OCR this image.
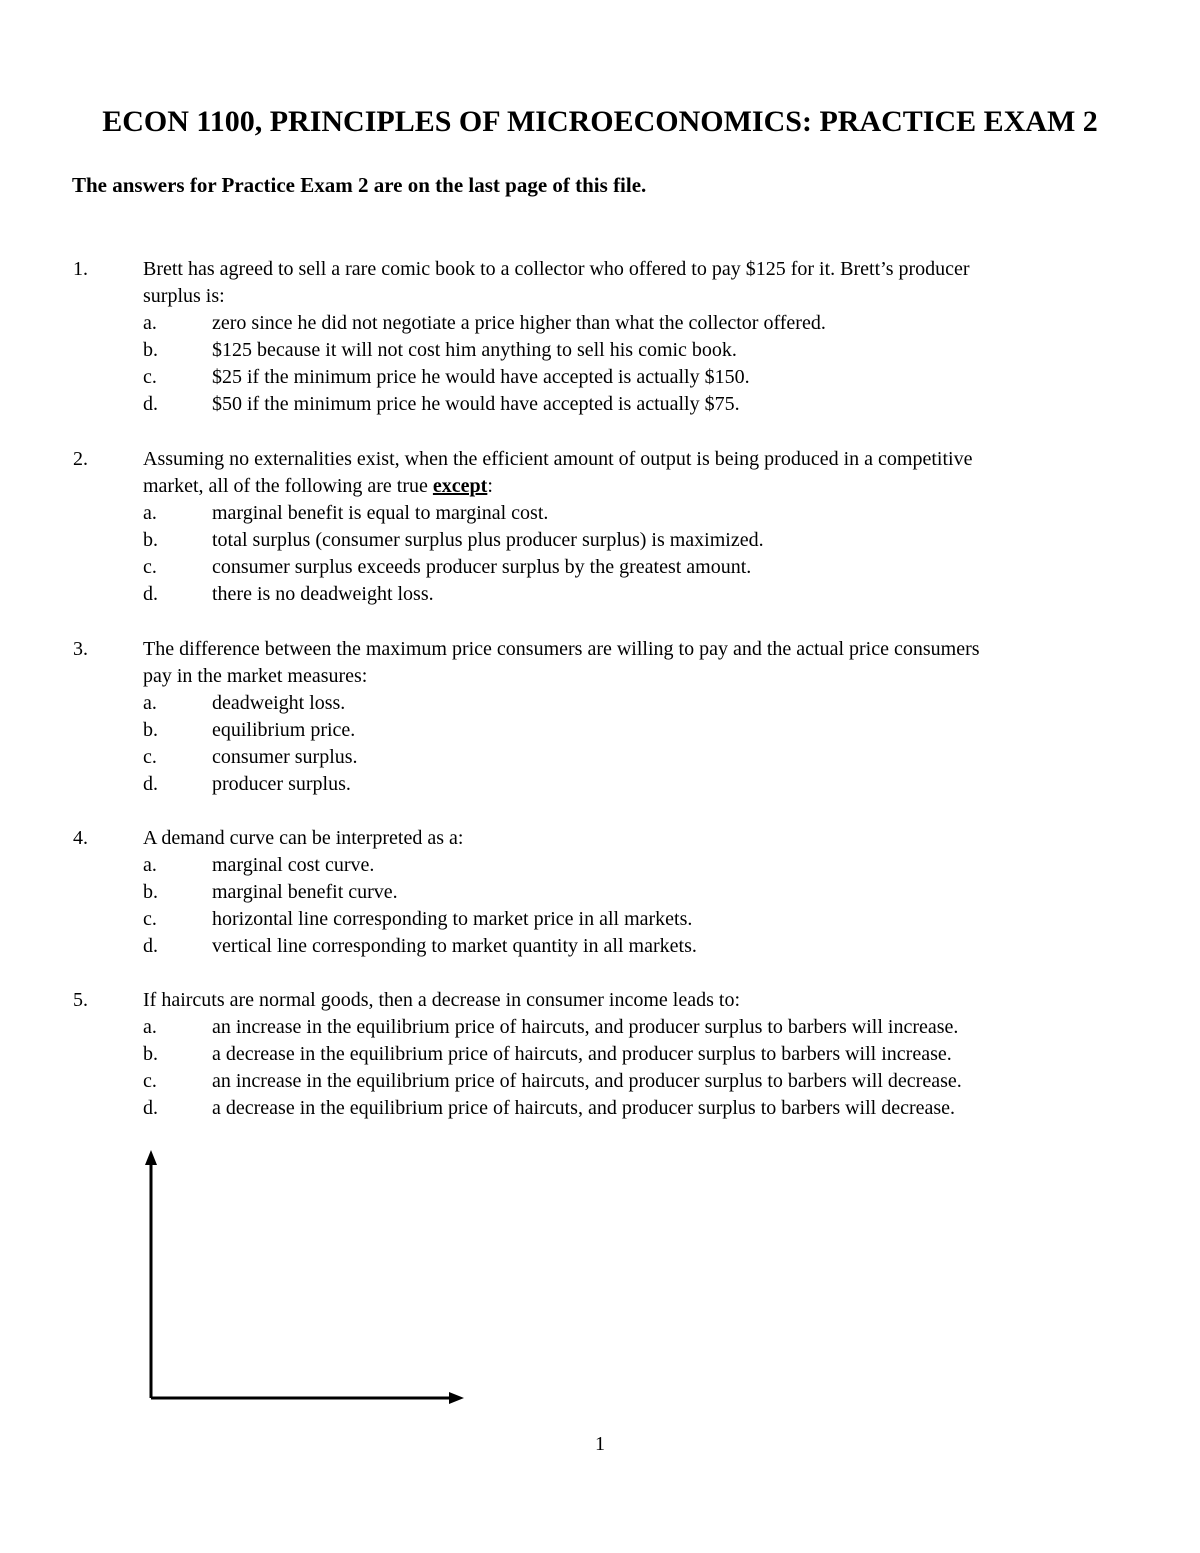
ECON 1100, PRINCIPLES OF MICROECONOMICS: PRACTICE EXAM 2
The answers for Practice Exam 2 are on the last page of this file.
1.	Brett has agreed to sell a rare comic book to a collector who offered to pay $125 for it. Brett’s producer
surplus is:
a.	zero since he did not negotiate a price higher than what the collector offered.
b.	$125 because it will not cost him anything to sell his comic book.
c.	$25 if the minimum price he would have accepted is actually $150.
d.	$50 if the minimum price he would have accepted is actually $75.
2.	Assuming no externalities exist, when the efficient amount of output is being produced in a competitive
market, all of the following are true except:
a.	marginal benefit is equal to marginal cost.
b.	total surplus (consumer surplus plus producer surplus) is maximized.
c.	consumer surplus exceeds producer surplus by the greatest amount.
d.	there is no deadweight loss.
3.	The difference between the maximum price consumers are willing to pay and the actual price consumers
pay in the market measures:
a.	deadweight loss.
b.	equilibrium price.
c.	consumer surplus.
d.	producer surplus.
4.	A demand curve can be interpreted as a:
a.	marginal cost curve.
b.	marginal benefit curve.
c.	horizontal line corresponding to market price in all markets.
d.	vertical line corresponding to market quantity in all markets.
5.	If haircuts are normal goods, then a decrease in consumer income leads to:
a.	an increase in the equilibrium price of haircuts, and producer surplus to barbers will increase.
b.	a decrease in the equilibrium price of haircuts, and producer surplus to barbers will increase.
c.	an increase in the equilibrium price of haircuts, and producer surplus to barbers will decrease.
d.	a decrease in the equilibrium price of haircuts, and producer surplus to barbers will decrease.
1
